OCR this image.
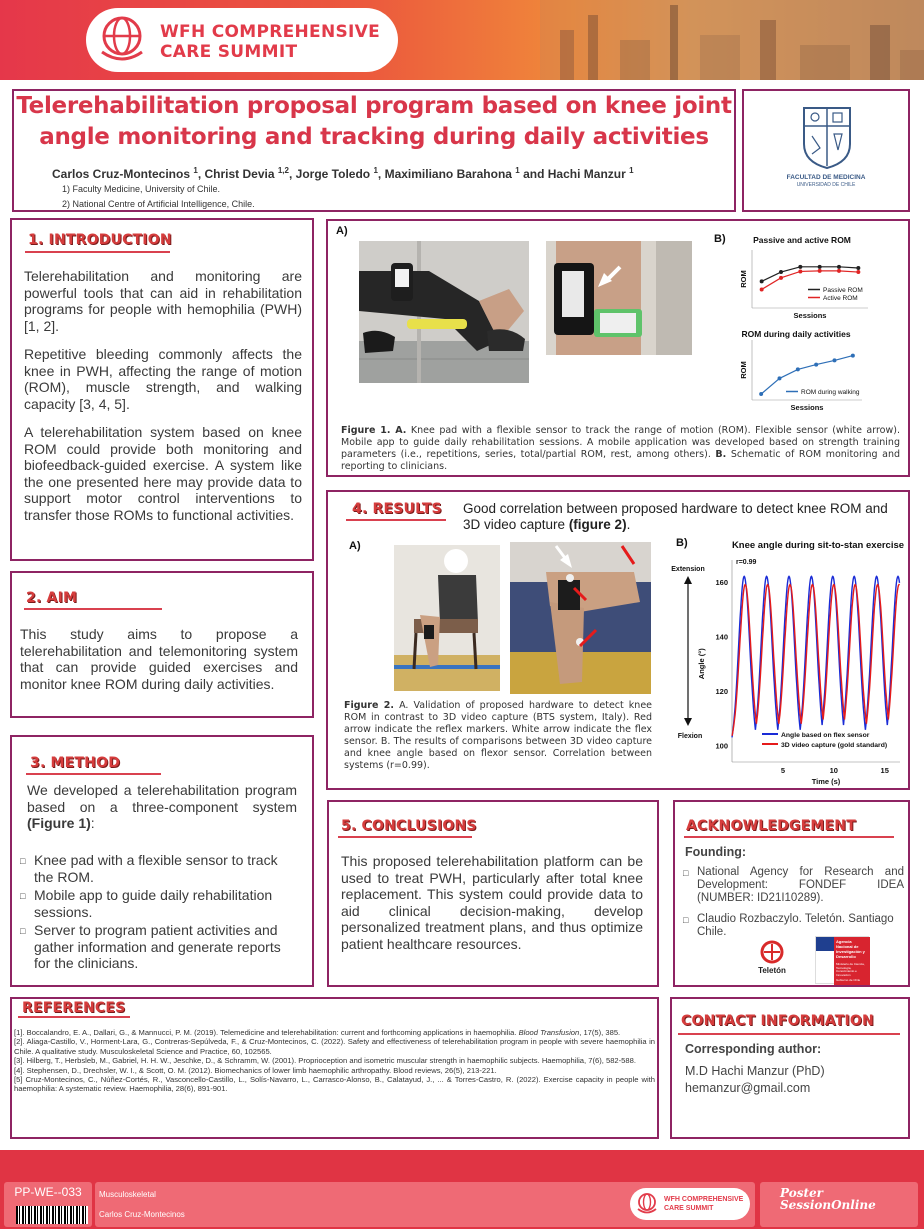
WFH COMPREHENSIVE
CARE SUMMIT
Telerehabilitation proposal program based on knee joint
angle monitoring and tracking during daily activities
Carlos Cruz-Montecinos $^1$, Christ Devia $^{1,2}$, Jorge Toledo $^1$, Maximiliano Barahona $^1$ and Hachi Manzur $^1$
1) Faculty Medicine, University of Chile.
2) National Centre of Artificial Intelligence, Chile.
FACULTAD DE MEDICINA
UNIVERSIDAD DE CHILE
1. INTRODUCTION
Telerehabilitation and monitoring are powerful tools that can aid in rehabilitation programs for people with hemophilia (PWH) [1, 2].
Repetitive bleeding commonly affects the knee in PWH, affecting the range of motion (ROM), muscle strength, and walking capacity [3, 4, 5].
A telerehabilitation system based on knee ROM could provide both monitoring and biofeedback-guided exercise. A system like the one presented here may provide data to support motor control interventions to transfer those ROMs to functional activities.
2. AIM
This study aims to propose a telerehabilitation and telemonitoring system that can provide guided exercises and monitor knee ROM during daily activities.
3. METHOD
We developed a telerehabilitation program based on a three-component system (Figure 1):
□ Knee pad with a flexible sensor to track the ROM.
□ Mobile app to guide daily rehabilitation sessions.
□ Server to program patient activities and gather information and generate reports for the clinicians.
A)
B)	Passive and active ROM
Sessions
ROM
Passive ROM
Active ROM
ROM during daily activities
Sessions
ROM
ROM during walking
Figure 1. A. Knee pad with a flexible sensor to track the range of motion (ROM). Flexible sensor (white arrow). Mobile app to guide daily rehabilitation sessions. A mobile application was developed based on strength training parameters (i.e., repetitions, series, total/partial ROM, rest, among others). B. Schematic of ROM monitoring and reporting to clinicians.
4. RESULTS Good correlation between proposed hardware to detect knee ROM and 3D video capture (figure 2).
A)	B)	Knee angle during sit-to-stan exercise
100
120
140
160
5	10	15
Time (s)
Angle (°)
Extension
Flexion
r=0.99
Angle based on flex sensor
3D video capture (gold standard)
Figure 2. A. Validation of proposed hardware to detect knee ROM in contrast to 3D video capture (BTS system, Italy). Red arrow indicate the reflex markers. White arrow indicate the flex sensor. B. The results of comparisons between 3D video capture and knee angle based on flexor sensor. Correlation between systems (r=0.99).
5. CONCLUSIONS
This proposed telerehabilitation platform can be used to treat PWH, particularly after total knee replacement. This system could provide data to aid clinical decision-making, develop personalized treatment plans, and thus optimize patient healthcare resources.
ACKNOWLEDGEMENT
Founding:
□ National Agency for Research and Development: FONDEF IDEA (NUMBER: ID21I10289).
□ Claudio Rozbaczylo. Teletón. Santiago Chile.
Teletón
Agencia Nacional de Investigación y Desarrollo
Ministerio de Ciencia, Tecnología, Conocimiento e Innovación
Gobierno de Chile
REFERENCES
[1]. Boccalandro, E. A., Dallari, G., & Mannucci, P. M. (2019). Telemedicine and telerehabilitation: current and forthcoming applications in haemophilia. Blood Transfusion, 17(5), 385.
[2]. Aliaga-Castillo, V., Horment-Lara, G., Contreras-Sepúlveda, F., & Cruz-Montecinos, C. (2022). Safety and effectiveness of telerehabilitation program in people with severe haemophilia in Chile. A qualitative study. Musculoskeletal Science and Practice, 60, 102565.
[3]. Hilberg, T., Herbsleb, M., Gabriel, H. H. W., Jeschke, D., & Schramm, W. (2001). Proprioception and isometric muscular strength in haemophilic subjects. Haemophilia, 7(6), 582-588.
[4]. Stephensen, D., Drechsler, W. I., & Scott, O. M. (2012). Biomechanics of lower limb haemophilic arthropathy. Blood reviews, 26(5), 213-221.
[5] Cruz-Montecinos, C., Núñez-Cortés, R., Vasconcello-Castillo, L., Solís-Navarro, L., Carrasco-Alonso, B., Calatayud, J., ... & Torres-Castro, R. (2022). Exercise capacity in people with haemophilia: A systematic review. Haemophilia, 28(6), 891-901.
CONTACT INFORMATION
Corresponding author:
M.D Hachi Manzur (PhD)
hemanzur@gmail.com
PP-WE--033	Musculoskeletal
Carlos Cruz-Montecinos
WFH COMPREHENSIVE
CARE SUMMIT
Poster
SessionOnline
